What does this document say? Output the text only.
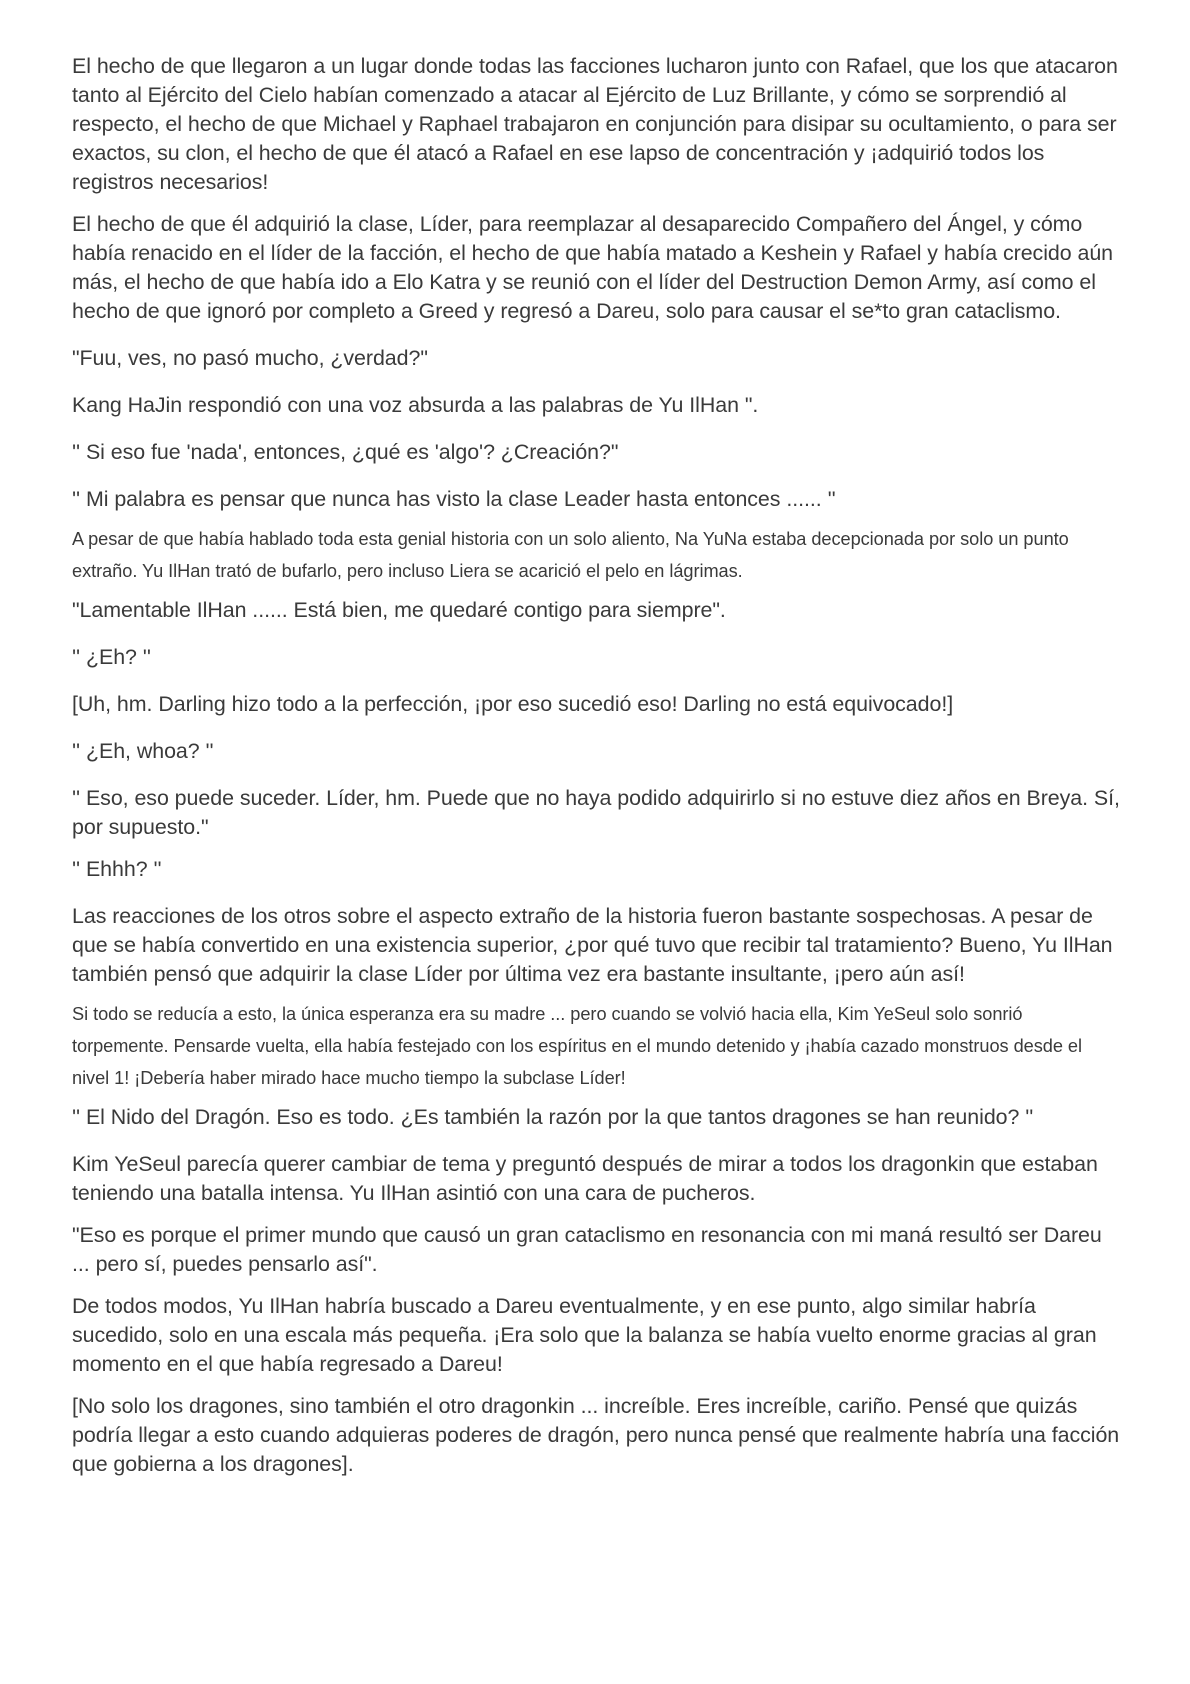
El hecho de que llegaron a un lugar donde todas las facciones lucharon junto con Rafael, que los que atacaron tanto al Ejército del Cielo habían comenzado a atacar al Ejército de Luz Brillante, y cómo se sorprendió al respecto, el hecho de que Michael y Raphael trabajaron en conjunción para disipar su ocultamiento, o para ser exactos, su clon, el hecho de que él atacó a Rafael en ese lapso de concentración y ¡adquirió todos los registros necesarios!

El hecho de que él adquirió la clase, Líder, para reemplazar al desaparecido Compañero del Ángel, y cómo había renacido en el líder de la facción, el hecho de que había matado a Keshein y Rafael y había crecido aún más, el hecho de que había ido a Elo Katra y se reunió con el líder del Destruction Demon Army, así como el hecho de que ignoró por completo a Greed y regresó a Dareu, solo para causar el se*to gran cataclismo.

"Fuu, ves, no pasó mucho, ¿verdad?"

Kang HaJin respondió con una voz absurda a las palabras de Yu IlHan ".

'' Si eso fue 'nada', entonces, ¿qué es 'algo'? ¿Creación?"

'' Mi palabra es pensar que nunca has visto la clase Leader hasta entonces ...... ''

A pesar de que había hablado toda esta genial historia con un solo aliento, Na YuNa estaba decepcionada por solo un punto extraño. Yu IlHan trató de bufarlo, pero incluso Liera se acarició el pelo en lágrimas.

"Lamentable IlHan ...... Está bien, me quedaré contigo para siempre".

'' ¿Eh? ''

[Uh, hm. Darling hizo todo a la perfección, ¡por eso sucedió eso! Darling no está equivocado!]

'' ¿Eh, whoa? ''

'' Eso, eso puede suceder. Líder, hm. Puede que no haya podido adquirirlo si no estuve diez años en Breya. Sí, por supuesto."

'' Ehhh? ''

Las reacciones de los otros sobre el aspecto extraño de la historia fueron bastante sospechosas. A pesar de que se había convertido en una existencia superior, ¿por qué tuvo que recibir tal tratamiento? Bueno, Yu IlHan también pensó que adquirir la clase Líder por última vez era bastante insultante, ¡pero aún así!

Si todo se reducía a esto, la única esperanza era su madre ... pero cuando se volvió hacia ella, Kim YeSeul solo sonrió torpemente. Pensarde vuelta, ella había festejado con los espíritus en el mundo detenido y ¡había cazado monstruos desde el nivel 1! ¡Debería haber mirado hace mucho tiempo la subclase Líder!

'' El Nido del Dragón. Eso es todo. ¿Es también la razón por la que tantos dragones se han reunido? ''

Kim YeSeul parecía querer cambiar de tema y preguntó después de mirar a todos los dragonkin que estaban teniendo una batalla intensa. Yu IlHan asintió con una cara de pucheros.

"Eso es porque el primer mundo que causó un gran cataclismo en resonancia con mi maná resultó ser Dareu ... pero sí, puedes pensarlo así".

De todos modos, Yu IlHan habría buscado a Dareu eventualmente, y en ese punto, algo similar habría sucedido, solo en una escala más pequeña. ¡Era solo que la balanza se había vuelto enorme gracias al gran momento en el que había regresado a Dareu!

[No solo los dragones, sino también el otro dragonkin ... increíble. Eres increíble, cariño. Pensé que quizás podría llegar a esto cuando adquieras poderes de dragón, pero nunca pensé que realmente habría una facción que gobierna a los dragones].
